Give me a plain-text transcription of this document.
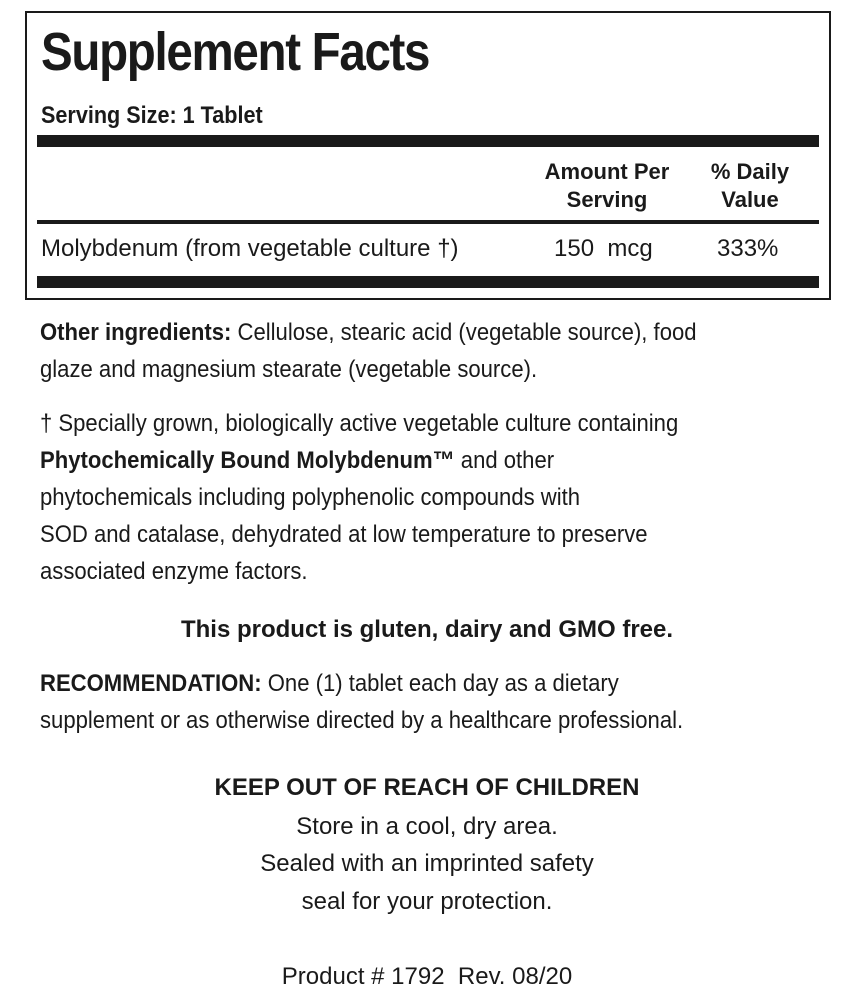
Supplement Facts
Serving Size: 1 Tablet
Amount Per
Serving
% Daily
Value
Molybdenum (from vegetable culture †)	150  mcg	333%
Other ingredients: Cellulose, stearic acid (vegetable source), food
glaze and magnesium stearate (vegetable source).
† Specially grown, biologically active vegetable culture containing
Phytochemically Bound Molybdenum™ and other
phytochemicals including polyphenolic compounds with
SOD and catalase, dehydrated at low temperature to preserve
associated enzyme factors.
This product is gluten, dairy and GMO free.
RECOMMENDATION: One (1) tablet each day as a dietary
supplement or as otherwise directed by a healthcare professional.
KEEP OUT OF REACH OF CHILDREN
Store in a cool, dry area.
Sealed with an imprinted safety
seal for your protection.
Product # 1792  Rev. 08/20
